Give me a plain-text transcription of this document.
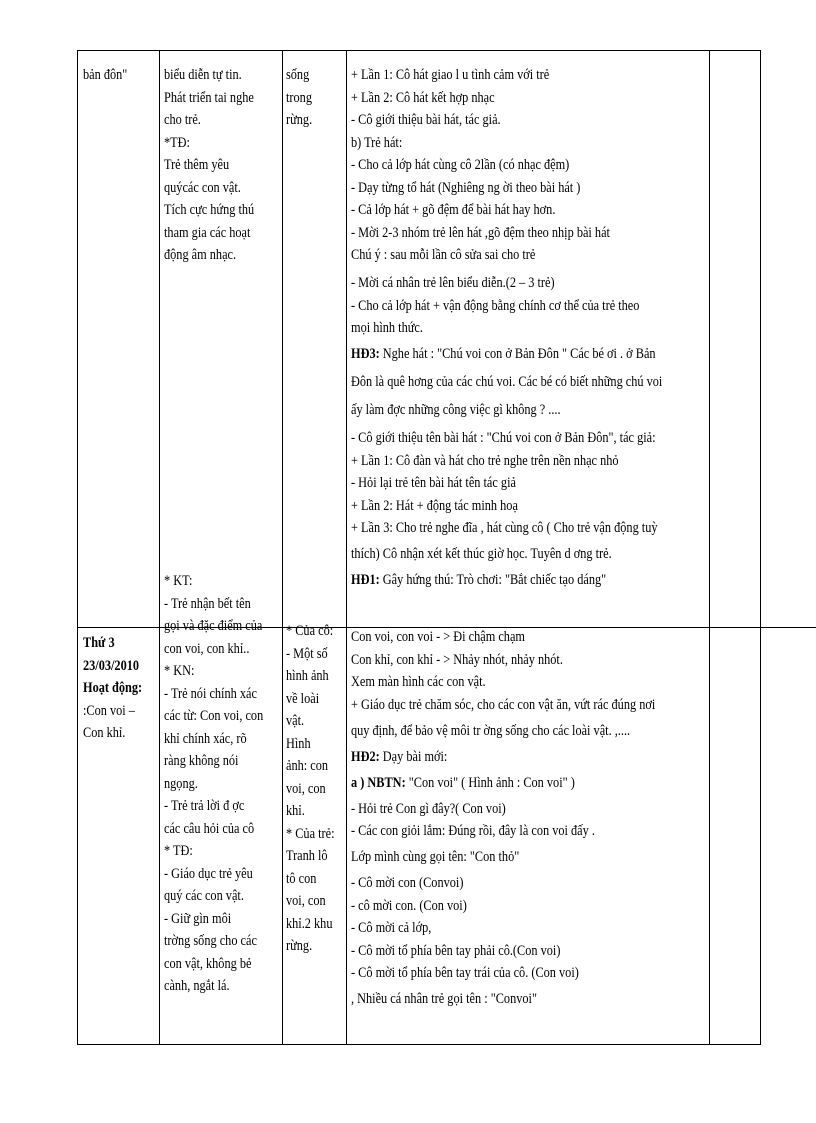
bản đôn" biểu diễn tự tin.
Phát triển tai nghe
cho trẻ.
*TĐ:
Trẻ thêm yêu
quýcác con vật.
Tích cực hứng thú
tham gia các hoạt
động âm nhạc.
* KT:
- Trẻ nhận bết tên
sống
trong
rừng.
+ Lần 1: Cô hát giao l u tình cảm với trẻ
+ Lần 2: Cô hát kết hợp nhạc
- Cô giới thiệu bài hát, tác giả.
b) Trẻ hát:
- Cho cả lớp hát cùng cô 2lần (có nhạc đệm)
- Dạy từng tổ hát (Nghiêng ng ời theo bài hát )
- Cả lớp hát + gõ đệm để bài hát hay hơn.
- Mời 2-3 nhóm trẻ lên hát ,gõ đệm theo nhịp bài hát
Chú ý : sau mỗi lần cô sửa sai cho trẻ
- Mời cá nhân trẻ lên biểu diễn.(2 – 3 trẻ)
- Cho cả lớp hát + vận động bằng chính cơ thể của trẻ theo
mọi hình thức.
HĐ3: Nghe hát : "Chú voi con ở Bản Đôn " Các bé ơi . ở Bản
Đôn là quê hơng của các chú voi. Các bé có biết những chú voi
ấy làm đợc những công việc gì không ? ....
- Cô giới thiệu tên bài hát : "Chú voi con ở Bản Đôn", tác giả:
+ Lần 1: Cô đàn và hát cho trẻ nghe trên nền nhạc nhỏ
- Hỏi lại trẻ tên bài hát tên tác giả
+ Lần 2: Hát + động tác minh hoạ
+ Lần 3: Cho trẻ nghe đĩa , hát cùng cô ( Cho trẻ vận động tuỳ
thích) Cô nhận xét kết thúc giờ học. Tuyên d ơng trẻ.
HĐ1: Gây hứng thú: Trò chơi: "Bắt chiếc tạo dáng"
Thứ 3
23/03/2010
Hoạt động:
:Con voi –
Con khỉ.
gọi và đặc điểm của
con voi, con khỉ..
* KN:
- Trẻ nói chính xác
các từ: Con voi, con
khỉ chính xác, rõ
ràng không nói
ngọng.
- Trẻ trả lời đ ợc
các câu hỏi của cô
* TĐ:
- Giáo dục trẻ yêu
quý các con vật.
- Giữ gìn môi
trờng sống cho các
con vật, không bẻ
cành, ngắt lá.
* Của cô:
- Một số
hình ảnh
về loài
vật.
Hình
ảnh: con
voi, con
khỉ.
* Của trẻ:
Tranh lô
tô con
voi, con
khỉ.2 khu
rừng.
Con voi, con voi - > Đi chậm chạm
Con khỉ, con khỉ - > Nhảy nhót, nhảy nhót.
Xem màn hình các con vật.
+ Giáo dục trẻ chăm sóc, cho các con vật ăn, vứt rác đúng nơi
quy định, để bảo vệ môi tr ờng sống cho các loài vật. ,....
HĐ2: Dạy bài mới:
a ) NBTN: "Con voi" ( Hình ảnh : Con voi" )
- Hỏi trẻ Con gì đây?( Con voi)
- Các con giỏi lắm: Đúng rồi, đây là con voi đấy .
Lớp mình cùng gọi tên: "Con thỏ"
- Cô mời con (Convoi)
- cô mời con. (Con voi)
- Cô mời cả lớp,
- Cô mời tổ phía bên tay phải cô.(Con voi)
- Cô mời tổ phía bên tay trái của cô. (Con voi)
, Nhiều cá nhân trẻ gọi tên : "Convoi"
